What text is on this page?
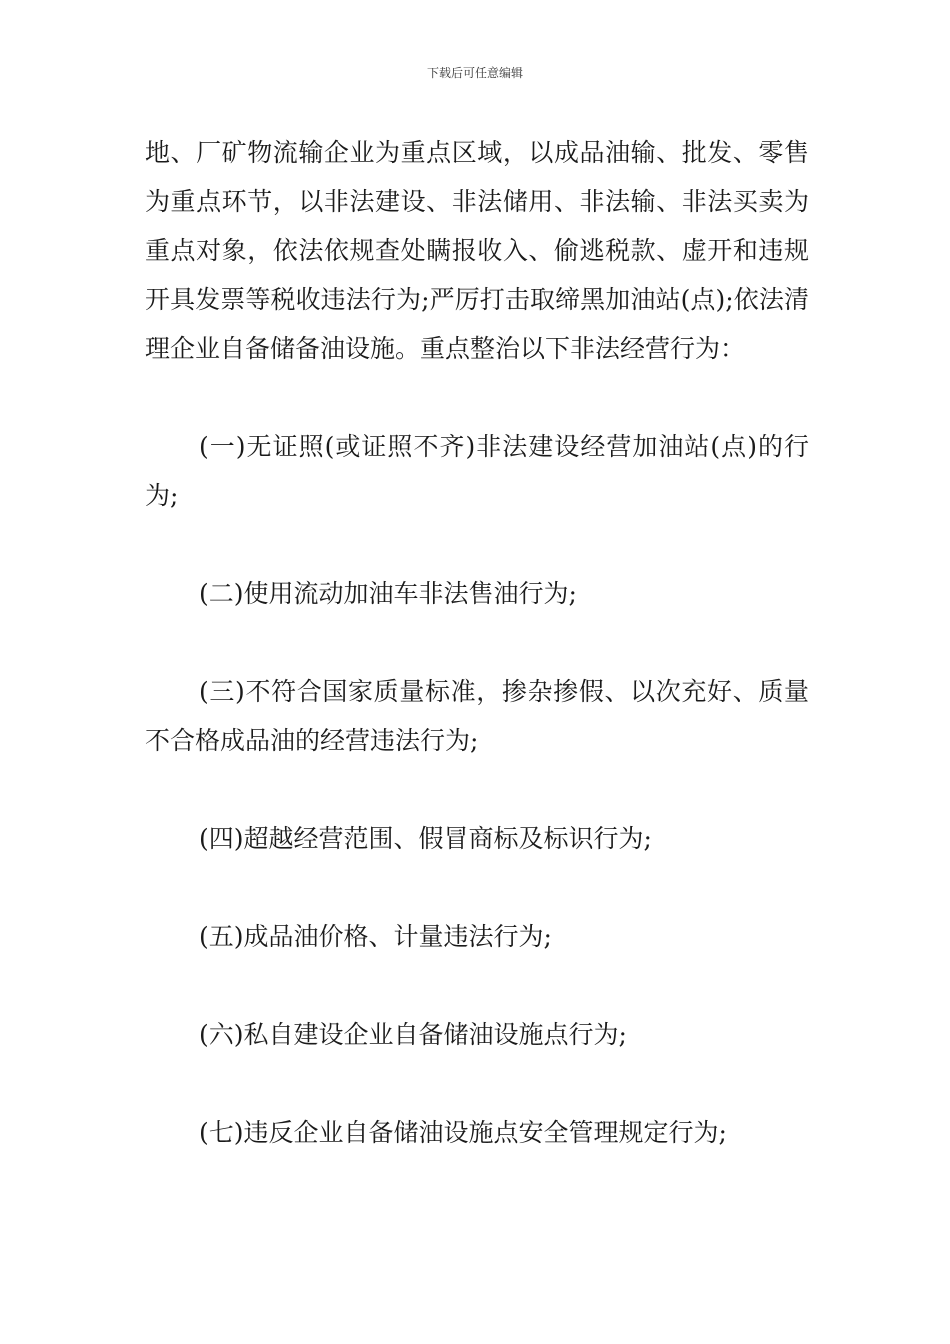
下载后可任意编辑

地、厂矿物流输企业为重点区域，以成品油输、批发、零售为重点环节，以非法建设、非法储用、非法输、非法买卖为重点对象，依法依规查处瞒报收入、偷逃税款、虚开和违规开具发票等税收违法行为;严厉打击取缔黑加油站(点);依法清理企业自备储备油设施。重点整治以下非法经营行为：

(一)无证照(或证照不齐)非法建设经营加油站(点)的行为;

(二)使用流动加油车非法售油行为;

(三)不符合国家质量标准，掺杂掺假、以次充好、质量不合格成品油的经营违法行为;

(四)超越经营范围、假冒商标及标识行为;

(五)成品油价格、计量违法行为;

(六)私自建设企业自备储油设施点行为;

(七)违反企业自备储油设施点安全管理规定行为;
